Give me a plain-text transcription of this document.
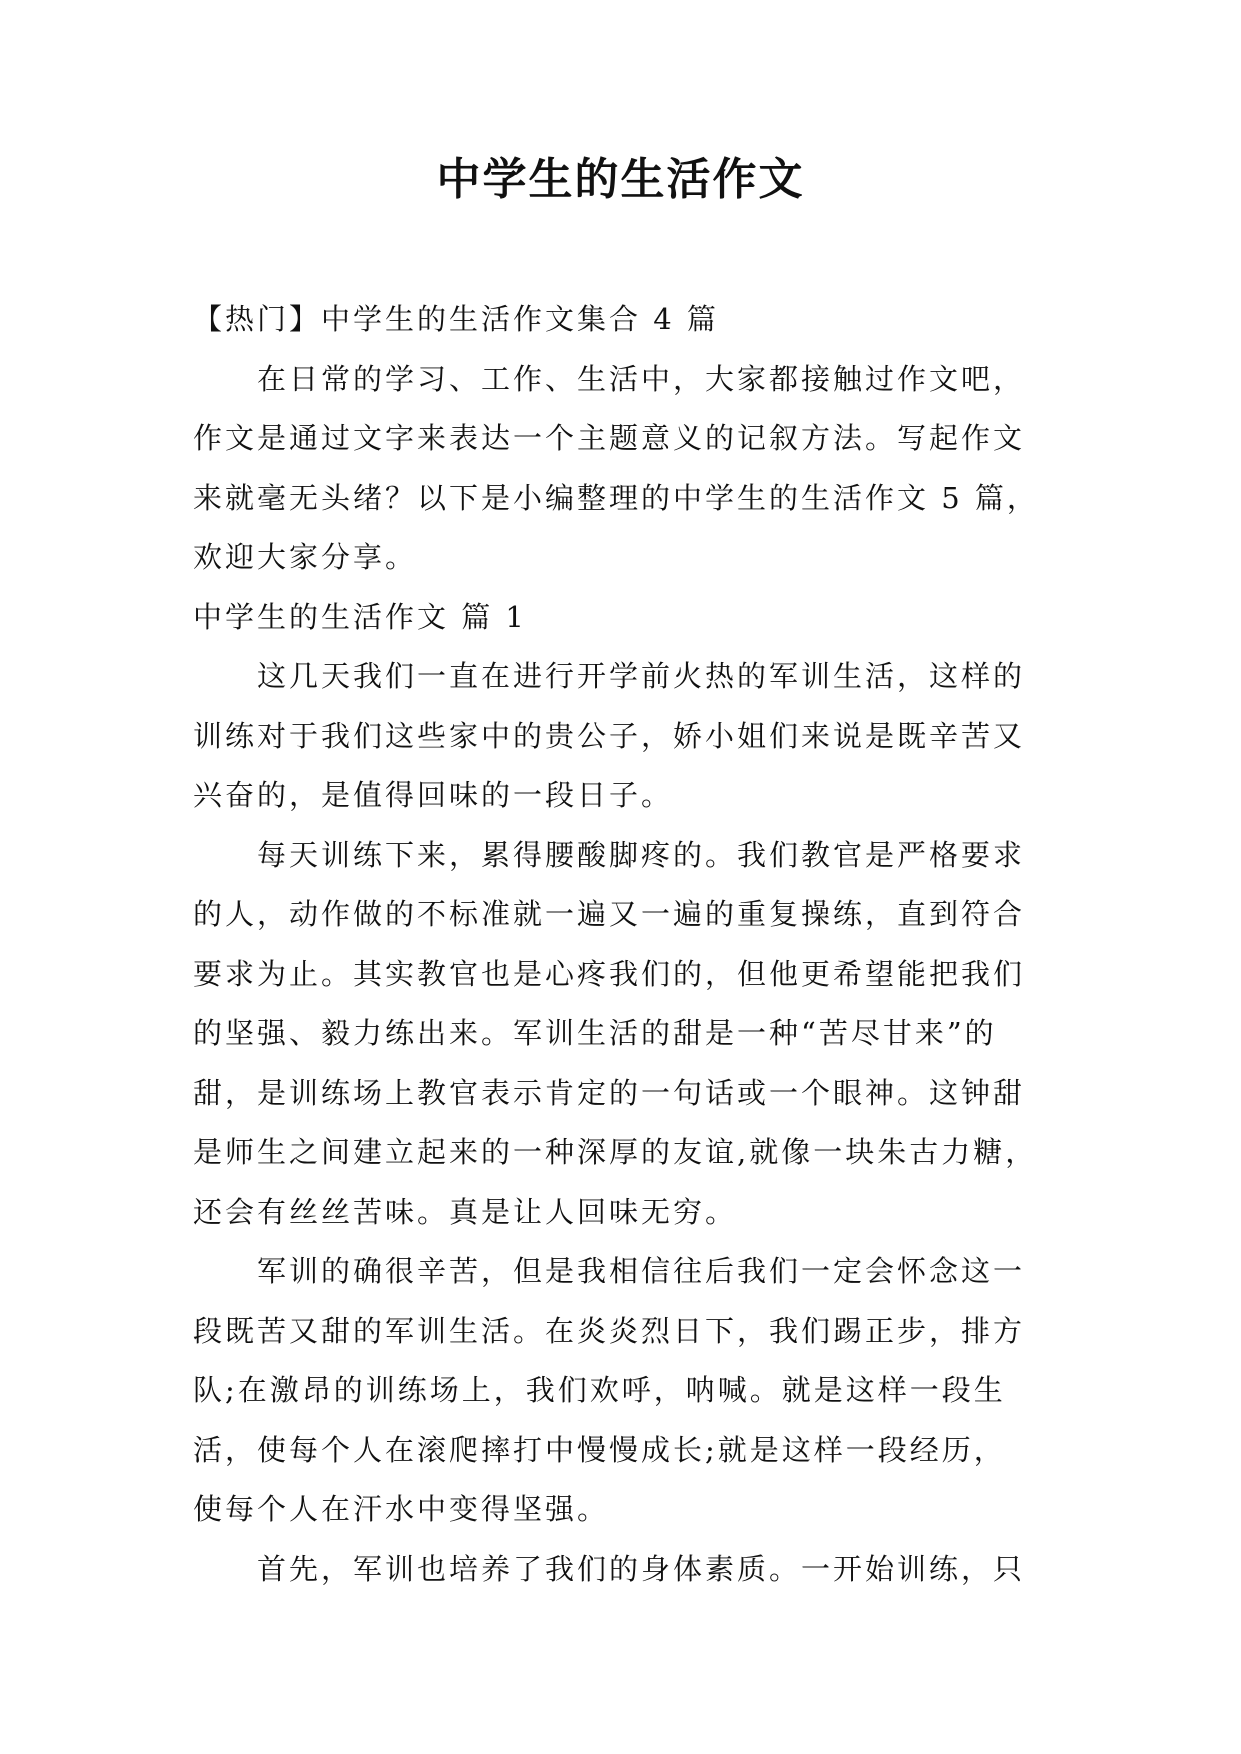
中学生的生活作文
【热门】中学生的生活作文集合 4 篇
在日常的学习、工作、生活中，大家都接触过作文吧，
作文是通过文字来表达一个主题意义的记叙方法。写起作文
来就毫无头绪？以下是小编整理的中学生的生活作文 5 篇，
欢迎大家分享。
中学生的生活作文 篇 1
这几天我们一直在进行开学前火热的军训生活，这样的
训练对于我们这些家中的贵公子，娇小姐们来说是既辛苦又
兴奋的，是值得回味的一段日子。
每天训练下来，累得腰酸脚疼的。我们教官是严格要求
的人，动作做的不标准就一遍又一遍的重复操练，直到符合
要求为止。其实教官也是心疼我们的，但他更希望能把我们
的坚强、毅力练出来。军训生活的甜是一种“苦尽甘来”的
甜，是训练场上教官表示肯定的一句话或一个眼神。这钟甜
是师生之间建立起来的一种深厚的友谊,就像一块朱古力糖，
还会有丝丝苦味。真是让人回味无穷。
军训的确很辛苦，但是我相信往后我们一定会怀念这一
段既苦又甜的军训生活。在炎炎烈日下，我们踢正步，排方
队;在激昂的训练场上，我们欢呼，呐喊。就是这样一段生
活，使每个人在滚爬摔打中慢慢成长;就是这样一段经历，
使每个人在汗水中变得坚强。
首先，军训也培养了我们的身体素质。一开始训练，只
